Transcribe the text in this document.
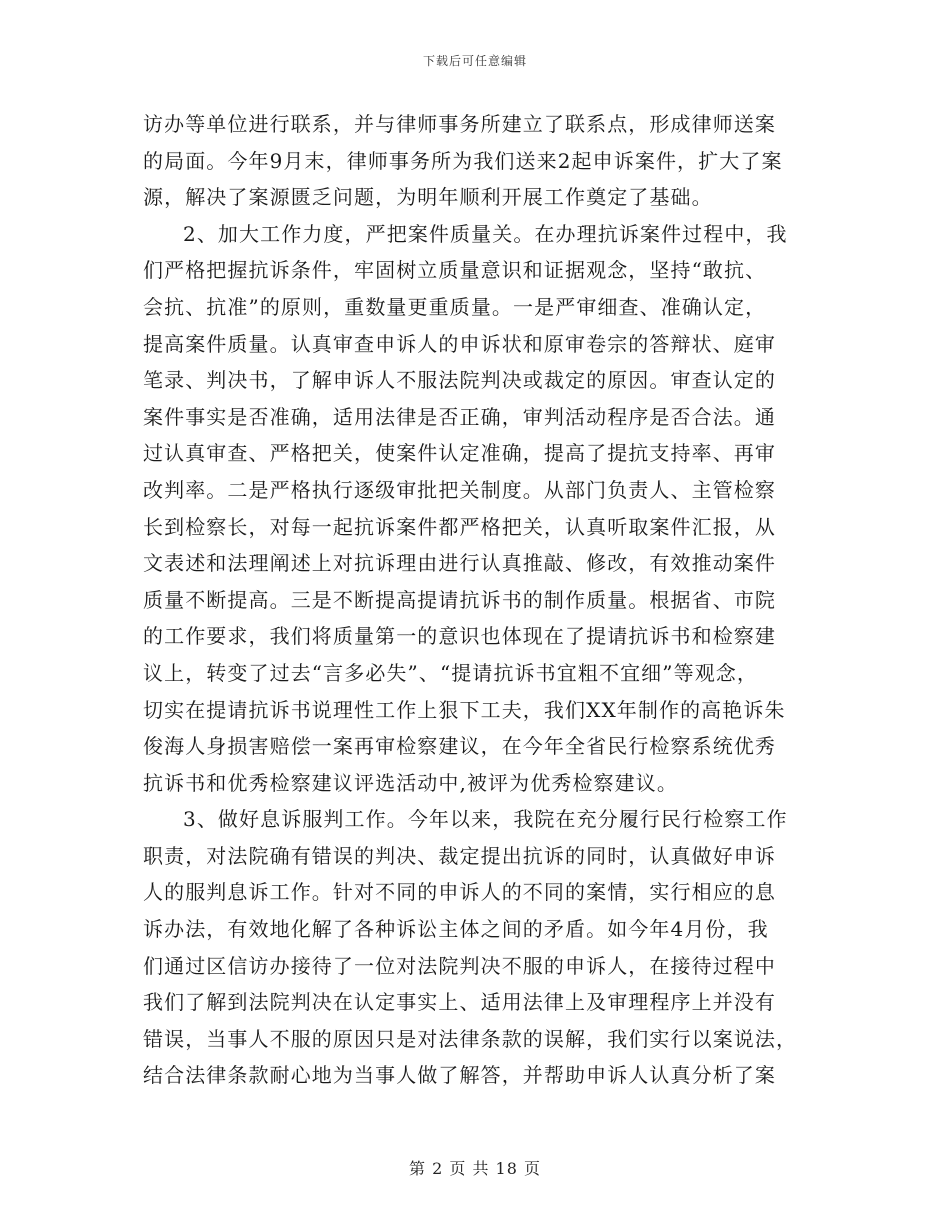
下载后可任意编辑
访办等单位进行联系，并与律师事务所建立了联系点，形成律师送案
的局面。今年9月末，律师事务所为我们送来2起申诉案件，扩大了案
源，解决了案源匮乏问题，为明年顺利开展工作奠定了基础。
2、加大工作力度，严把案件质量关。在办理抗诉案件过程中，我
们严格把握抗诉条件，牢固树立质量意识和证据观念，坚持“敢抗、
会抗、抗准”的原则，重数量更重质量。一是严审细查、准确认定，
提高案件质量。认真审查申诉人的申诉状和原审卷宗的答辩状、庭审
笔录、判决书，了解申诉人不服法院判决或裁定的原因。审查认定的
案件事实是否准确，适用法律是否正确，审判活动程序是否合法。通
过认真审查、严格把关，使案件认定准确，提高了提抗支持率、再审
改判率。二是严格执行逐级审批把关制度。从部门负责人、主管检察
长到检察长，对每一起抗诉案件都严格把关，认真听取案件汇报，从
文表述和法理阐述上对抗诉理由进行认真推敲、修改，有效推动案件
质量不断提高。三是不断提高提请抗诉书的制作质量。根据省、市院
的工作要求，我们将质量第一的意识也体现在了提请抗诉书和检察建
议上，转变了过去“言多必失”、“提请抗诉书宜粗不宜细”等观念，
切实在提请抗诉书说理性工作上狠下工夫，我们XX年制作的高艳诉朱
俊海人身损害赔偿一案再审检察建议，在今年全省民行检察系统优秀
抗诉书和优秀检察建议评选活动中,被评为优秀检察建议。
3、做好息诉服判工作。今年以来，我院在充分履行民行检察工作
职责，对法院确有错误的判决、裁定提出抗诉的同时，认真做好申诉
人的服判息诉工作。针对不同的申诉人的不同的案情，实行相应的息
诉办法，有效地化解了各种诉讼主体之间的矛盾。如今年4月份，我
们通过区信访办接待了一位对法院判决不服的申诉人，在接待过程中
我们了解到法院判决在认定事实上、适用法律上及审理程序上并没有
错误，当事人不服的原因只是对法律条款的误解，我们实行以案说法，
结合法律条款耐心地为当事人做了解答，并帮助申诉人认真分析了案
第 2 页 共 18 页
